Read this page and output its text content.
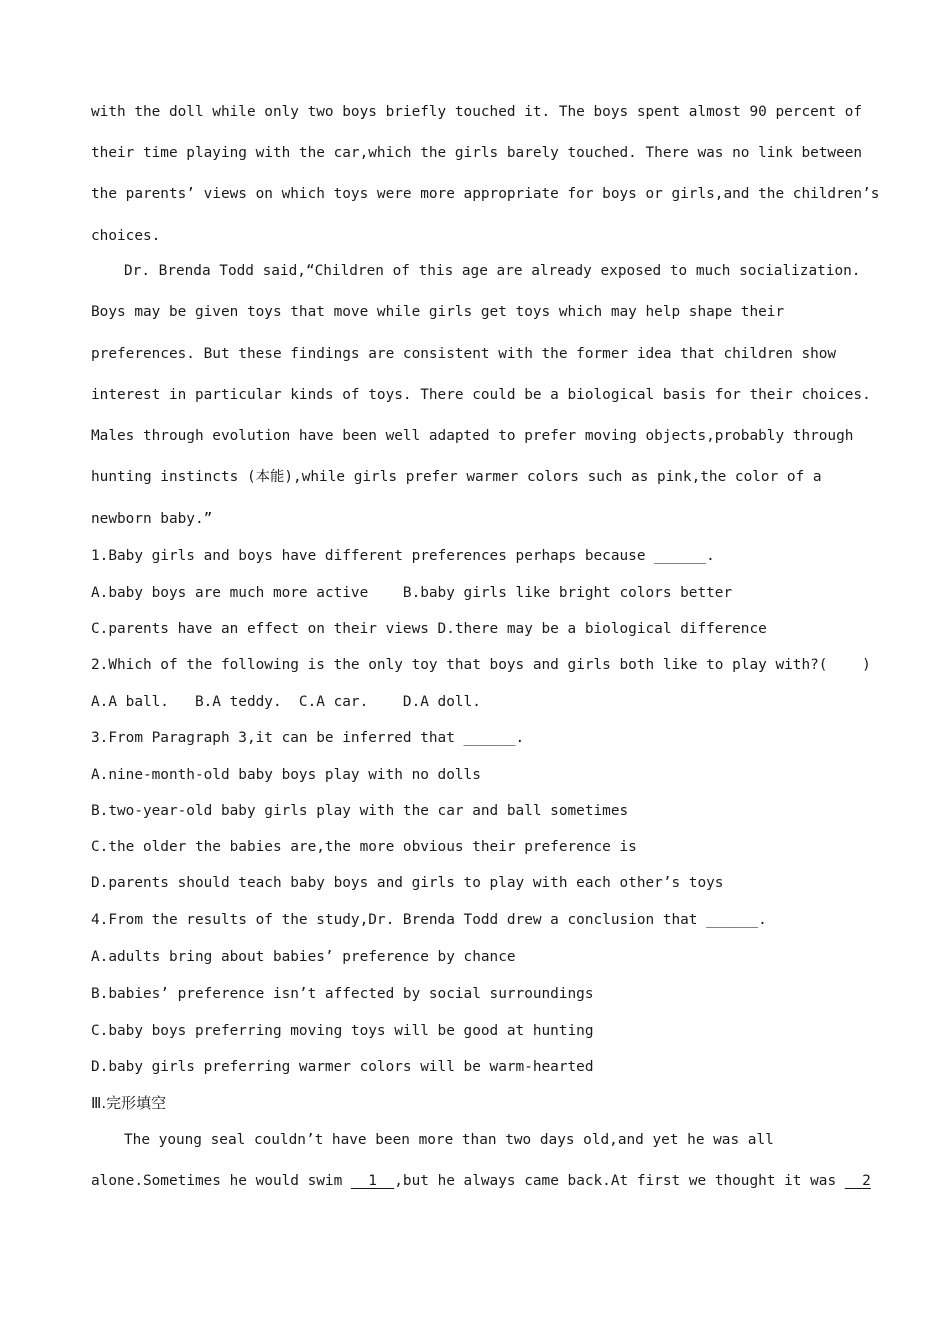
with the doll while only two boys briefly touched it. The boys spent almost 90 percent of
their time playing with the car,which the girls barely touched. There was no link between
the parents’ views on which toys were more appropriate for boys or girls,and the children’s
choices.
Dr. Brenda Todd said,“Children of this age are already exposed to much socialization.
Boys may be given toys that move while girls get toys which may help shape their
preferences. But these findings are consistent with the former idea that children show
interest in particular kinds of toys. There could be a biological basis for their choices.
Males through evolution have been well adapted to prefer moving objects,probably through
hunting instincts (本能),while girls prefer warmer colors such as pink,the color of a
newborn baby.”
1.Baby girls and boys have different preferences perhaps because ______.
A.baby boys are much more active    B.baby girls like bright colors better
C.parents have an effect on their views D.there may be a biological difference
2.Which of the following is the only toy that boys and girls both like to play with?(    )
A.A ball.   B.A teddy.  C.A car.    D.A doll.
3.From Paragraph 3,it can be inferred that ______.
A.nine-month-old baby boys play with no dolls
B.two-year-old baby girls play with the car and ball sometimes
C.the older the babies are,the more obvious their preference is
D.parents should teach baby boys and girls to play with each other’s toys
4.From the results of the study,Dr. Brenda Todd drew a conclusion that ______.
A.adults bring about babies’ preference by chance
B.babies’ preference isn’t affected by social surroundings
C.baby boys preferring moving toys will be good at hunting
D.baby girls preferring warmer colors will be warm-hearted
Ⅲ.完形填空
The young seal couldn’t have been more than two days old,and yet he was all
alone.Sometimes he would swim   1  ,but he always came back.At first we thought it was   2
